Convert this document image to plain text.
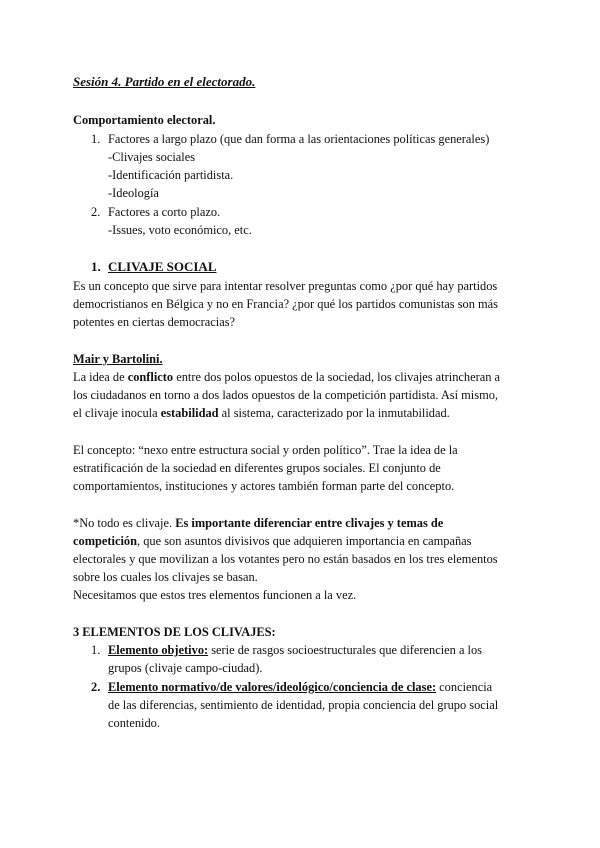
Sesión 4. Partido en el electorado.
Comportamiento electoral.
1. Factores a largo plazo (que dan forma a las orientaciones políticas generales)
-Clivajes sociales
-Identificación partidista.
-Ideología
2. Factores a corto plazo.
-Issues, voto económico, etc.
1. CLIVAJE SOCIAL
Es un concepto que sirve para intentar resolver preguntas como ¿por qué hay partidos
democristianos en Bélgica y no en Francia? ¿por qué los partidos comunistas son más
potentes en ciertas democracias?
Mair y Bartolini.
La idea de conflicto entre dos polos opuestos de la sociedad, los clivajes atrincheran a
los ciudadanos en torno a dos lados opuestos de la competición partidista. Así mismo,
el clivaje inocula estabilidad al sistema, caracterizado por la inmutabilidad.
El concepto: “nexo entre estructura social y orden político”. Trae la idea de la
estratificación de la sociedad en diferentes grupos sociales. El conjunto de
comportamientos, instituciones y actores también forman parte del concepto.
*No todo es clivaje. Es importante diferenciar entre clivajes y temas de
competición, que son asuntos divisivos que adquieren importancia en campañas
electorales y que movilizan a los votantes pero no están basados en los tres elementos
sobre los cuales los clivajes se basan.
Necesitamos que estos tres elementos funcionen a la vez.
3 ELEMENTOS DE LOS CLIVAJES:
1. Elemento objetivo: serie de rasgos socioestructurales que diferencien a los
grupos (clivaje campo-ciudad).
2. Elemento normativo/de valores/ideológico/conciencia de clase: conciencia
de las diferencias, sentimiento de identidad, propia conciencia del grupo social
contenido.
